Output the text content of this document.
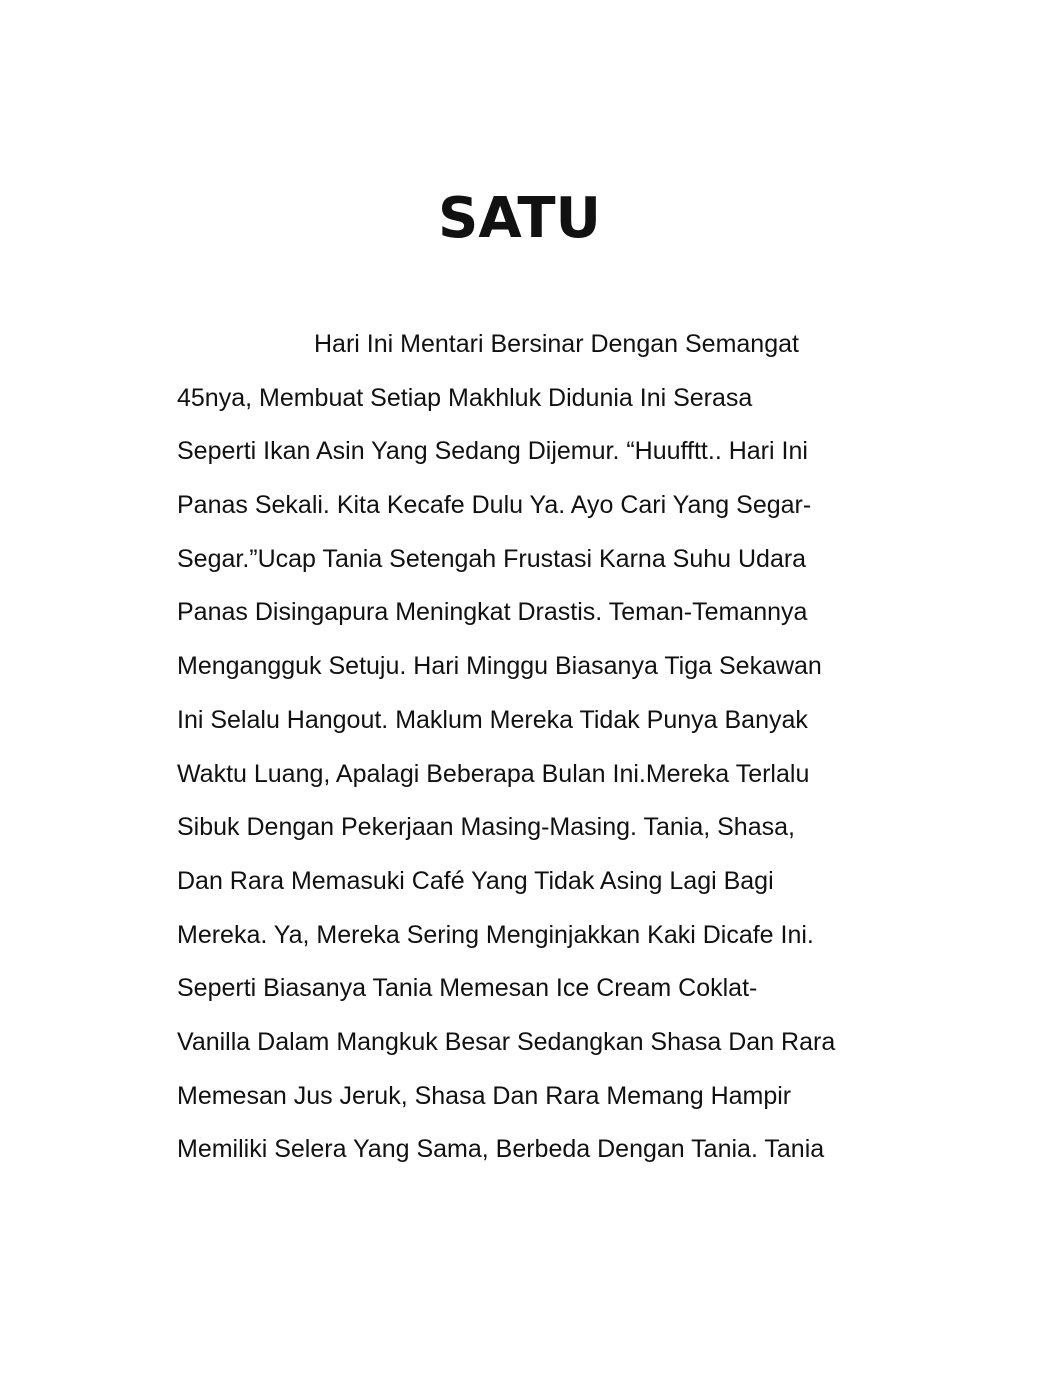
SATU
Hari Ini Mentari Bersinar Dengan Semangat
45nya, Membuat Setiap Makhluk Didunia Ini Serasa
Seperti Ikan Asin Yang Sedang Dijemur. “Huufftt.. Hari Ini
Panas Sekali. Kita Kecafe Dulu Ya. Ayo Cari Yang Segar-
Segar.”Ucap Tania Setengah Frustasi Karna Suhu Udara
Panas Disingapura Meningkat Drastis. Teman-Temannya
Mengangguk Setuju. Hari Minggu Biasanya Tiga Sekawan
Ini Selalu Hangout. Maklum Mereka Tidak Punya Banyak
Waktu Luang, Apalagi Beberapa Bulan Ini.Mereka Terlalu
Sibuk Dengan Pekerjaan Masing-Masing. Tania, Shasa,
Dan Rara Memasuki Café Yang Tidak Asing Lagi Bagi
Mereka. Ya, Mereka Sering Menginjakkan Kaki Dicafe Ini.
Seperti Biasanya Tania Memesan Ice Cream Coklat-
Vanilla Dalam Mangkuk Besar Sedangkan Shasa Dan Rara
Memesan Jus Jeruk, Shasa Dan Rara Memang Hampir
Memiliki Selera Yang Sama, Berbeda Dengan Tania. Tania
